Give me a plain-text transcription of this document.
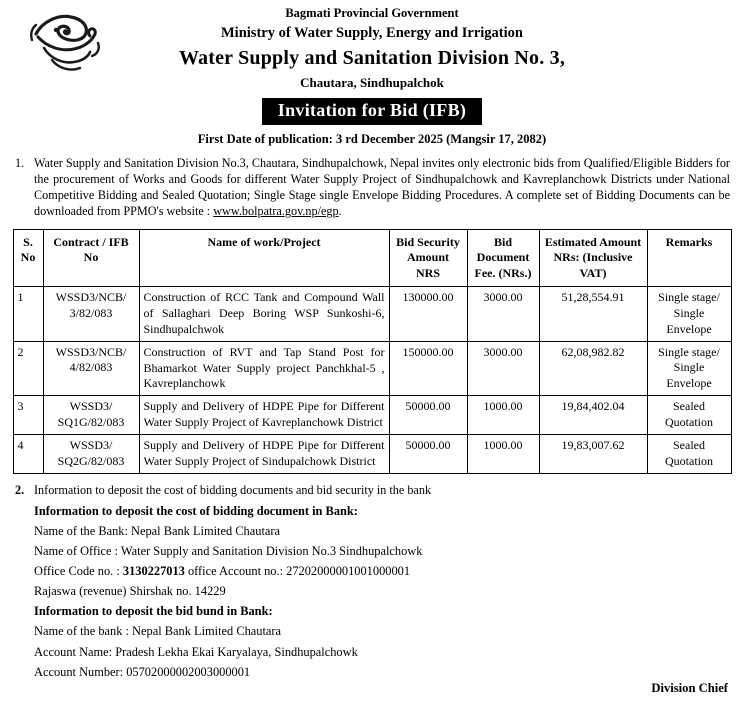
Bagmati Provincial Government
Ministry of Water Supply, Energy and Irrigation
Water Supply and Sanitation Division No. 3,
Chautara, Sindhupalchok
Invitation for Bid (IFB)
First Date of publication: 3 rd December 2025 (Mangsir 17, 2082)
1. Water Supply and Sanitation Division No.3, Chautara, Sindhupalchowk, Nepal invites only electronic bids from Qualified/Eligible Bidders for the procurement of Works and Goods for different Water Supply Project of Sindhupalchowk and Kavreplanchowk Districts under National Competitive Bidding and Sealed Quotation; Single Stage single Envelope Bidding Procedures. A complete set of Bidding Documents can be downloaded from PPMO's website : www.bolpatra.gov.np/egp.
S. No	Contract / IFB No	Name of work/Project	Bid Security Amount NRS	Bid Document Fee. (NRs.)	Estimated Amount NRs: (Inclusive VAT)	Remarks
1	WSSD3/NCB/ 3/82/083	Construction of RCC Tank and Compound Wall of Sallaghari Deep Boring WSP Sunkoshi-6, Sindhupalchwok	130000.00	3000.00	51,28,554.91	Single stage/ Single Envelope
2	WSSD3/NCB/ 4/82/083	Construction of RVT and Tap Stand Post for Bhamarkot Water Supply project Panchkhal-5 , Kavreplanchowk	150000.00	3000.00	62,08,982.82	Single stage/ Single Envelope
3	WSSD3/ SQ1G/82/083	Supply and Delivery of HDPE Pipe for Different Water Supply Project of Kavreplanchowk District	50000.00	1000.00	19,84,402.04	Sealed Quotation
4	WSSD3/ SQ2G/82/083	Supply and Delivery of HDPE Pipe for Different Water Supply Project of Sindupalchowk District	50000.00	1000.00	19,83,007.62	Sealed Quotation
2. Information to deposit the cost of bidding documents and bid security in the bank
Information to deposit the cost of bidding document in Bank:
Name of the Bank: Nepal Bank Limited Chautara
Name of Office : Water Supply and Sanitation Division No.3 Sindhupalchowk
Office Code no. : 3130227013 office Account no.: 27202000001001000001
Rajaswa (revenue) Shirshak no. 14229
Information to deposit the bid bund in Bank:
Name of the bank : Nepal Bank Limited Chautara
Account Name: Pradesh Lekha Ekai Karyalaya, Sindhupalchowk
Account Number: 05702000002003000001
Division Chief
